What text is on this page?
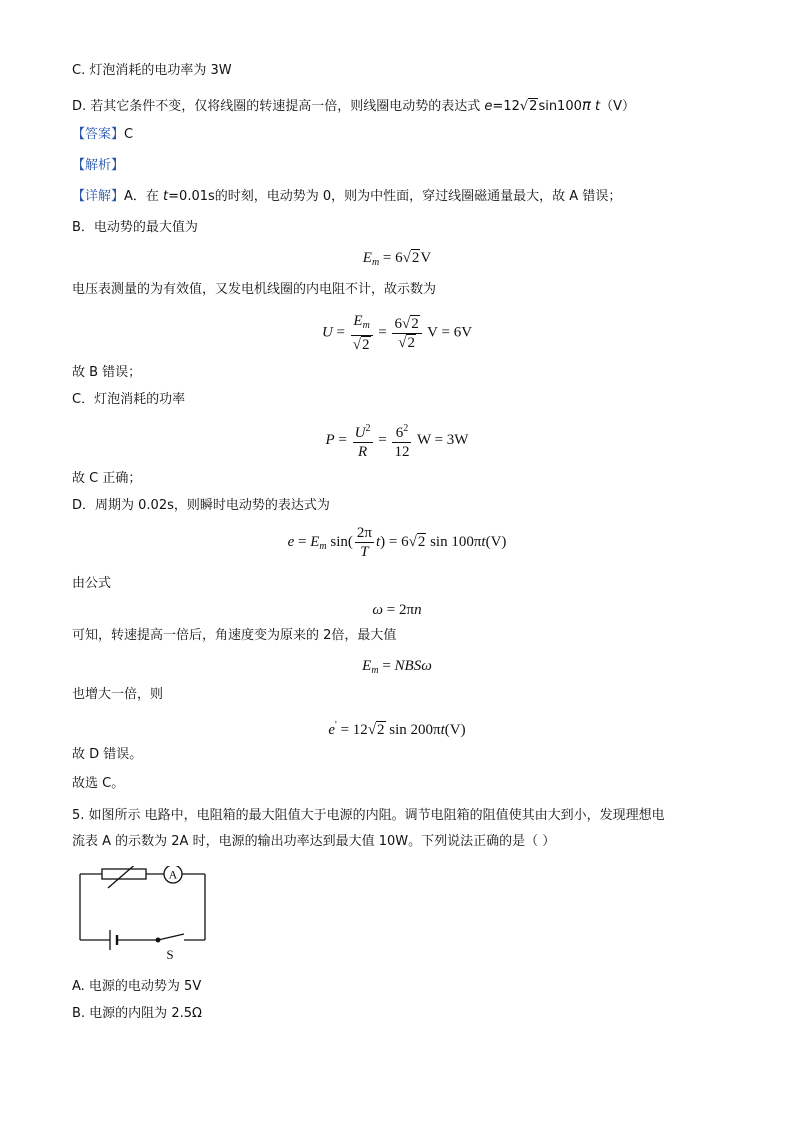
C. 灯泡消耗的电功率为 3W
D. 若其它条件不变，仅将线圈的转速提高一倍，则线圈电动势的表达式 e=12√2sin100π t（V）
【答案】C
【解析】
【详解】A．在 t=0.01s的时刻，电动势为 0，则为中性面，穿过线圈磁通量最大，故 A 错误；
B．电动势的最大值为
$E_m = 6√2V$
电压表测量的为有效值，又发电机线圈的内电阻不计，故示数为
$U = \frac{E_m}{√2} = \frac{6√2}{√2}$ V = 6V
故 B 错误；
C．灯泡消耗的功率
$P = \frac{U^2}{R} = \frac{6^2}{12}$ W = 3W
故 C 正确；
D．周期为 0.02s，则瞬时电动势的表达式为
$e = E_m$ $\sin( \frac{2\pi}{T} t) = 6√2$ sin 100πt(V)
由公式
ω = 2πn
可知，转速提高一倍后，角速度变为原来的 2倍，最大值
$E_m = NBS\omega$
也增大一倍，则
e' = 12√2 sin 200πt(V)
故 D 错误。
故选 C。
5. 如图所示 电路中，电阻箱的最大阻值大于电源的内阻。调节电阻箱的阻值使其由大到小，发现理想电
流表 A 的示数为 2A 时，电源的输出功率达到最大值 10W。下列说法正确的是（ ）
A
S
A. 电源的电动势为 5V
B. 电源的内阻为 2.5Ω
